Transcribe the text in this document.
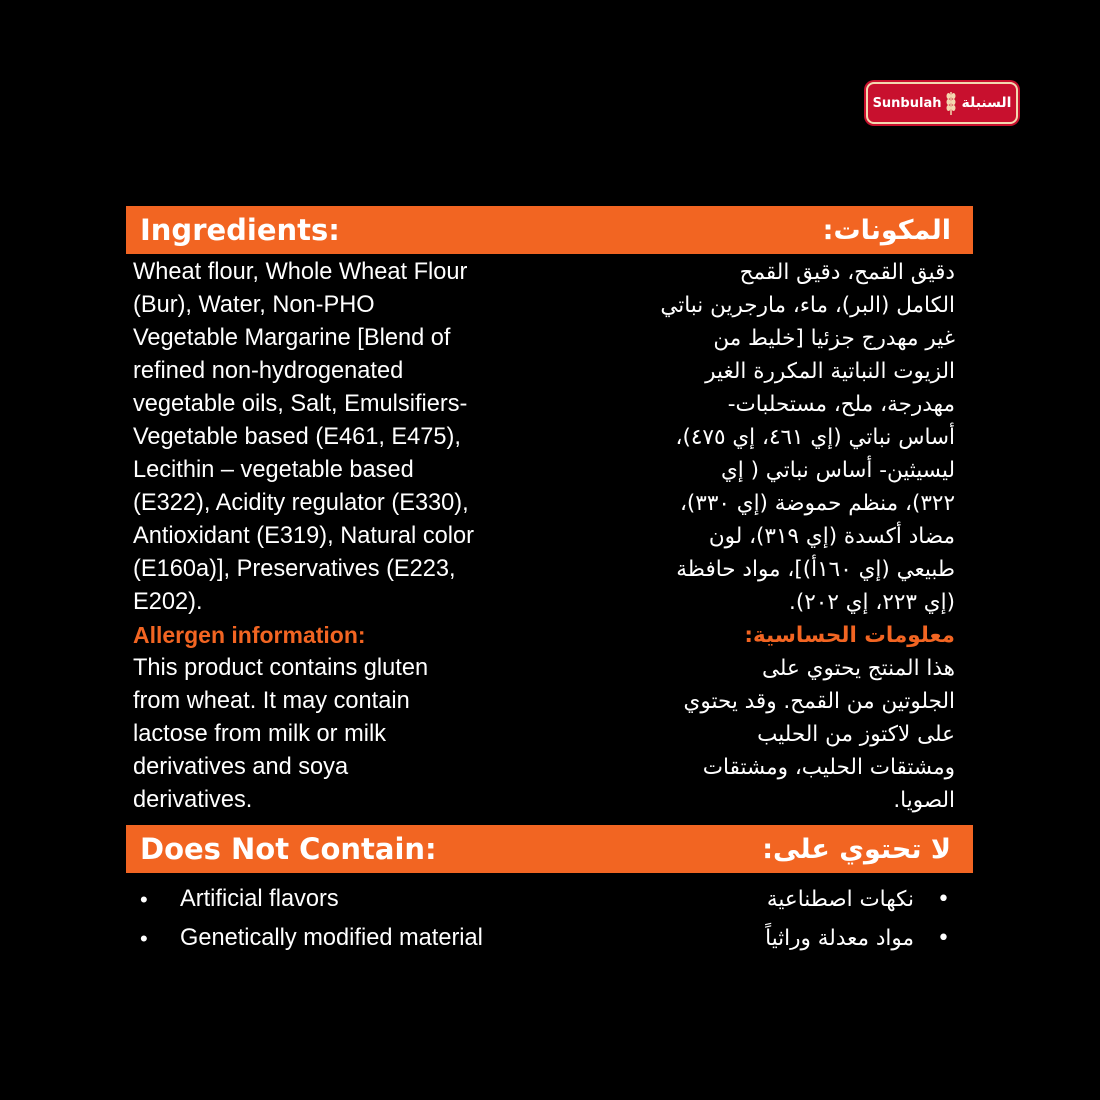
Sunbulah السنبلة
Ingredients:	المكونات:
Wheat flour, Whole Wheat Flour
(Bur), Water, Non-PHO
Vegetable Margarine [Blend of
refined non-hydrogenated
vegetable oils, Salt, Emulsifiers-
Vegetable based (E461, E475),
Lecithin – vegetable based
(E322), Acidity regulator (E330),
Antioxidant (E319), Natural color
(E160a)], Preservatives (E223,
E202).
Allergen information:
This product contains gluten
from wheat. It may contain
lactose from milk or milk
derivatives and soya
derivatives.
دقيق القمح، دقيق القمح
الكامل (البر)، ماء، مارجرين نباتي
غير مهدرج جزئيا [خليط من
الزيوت النباتية المكررة الغير
مهدرجة، ملح، مستحلبات-
أساس نباتي (إي ٤٦١، إي ٤٧٥)،
ليسيثين- أساس نباتي ( إي
٣٢٢)، منظم حموضة (إي ٣٣٠)،
مضاد أكسدة (إي ٣١٩)، لون
طبيعي (إي ١٦٠أ)]، مواد حافظة
(إي ٢٢٣، إي ٢٠٢).
معلومات الحساسية:
هذا المنتج يحتوي على
الجلوتين من القمح. وقد يحتوي
على لاكتوز من الحليب
ومشتقات الحليب، ومشتقات
الصويا.
Does Not Contain:	لا تحتوي على:
•	Artificial flavors
•	Genetically modified material
•
نكهات اصطناعية
•
مواد معدلة وراثياً
